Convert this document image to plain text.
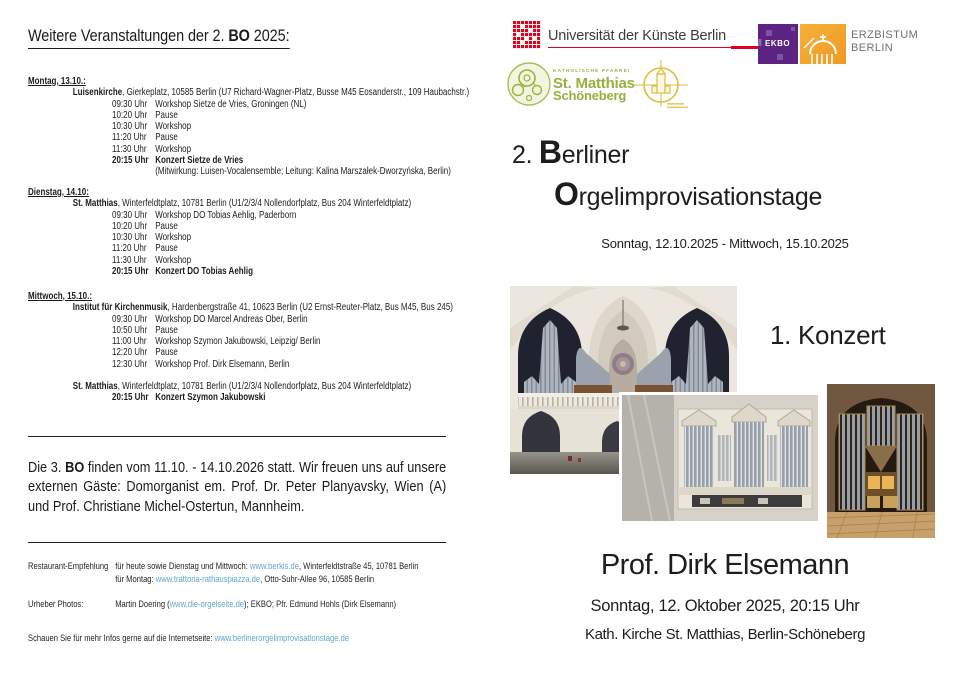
Weitere Veranstaltungen der 2. BO 2025:
Montag, 13.10.:
Luisenkirche, Gierkeplatz, 10585 Berlin (U7 Richard-Wagner-Platz, Busse M45 Eosanderstr., 109 Haubachstr.)
09:30 Uhr Workshop Sietze de Vries, Groningen (NL)
10:20 Uhr Pause
10:30 Uhr Workshop
11:20 Uhr Pause
11:30 Uhr Workshop
20:15 Uhr Konzert Sietze de Vries
(Mitwirkung: Luisen-Vocalensemble; Leitung: Kalina Marszałek-Dworzyńska, Berlin)
Dienstag, 14.10:
St. Matthias, Winterfeldtplatz, 10781 Berlin (U1/2/3/4 Nollendorfplatz, Bus 204 Winterfeldtplatz)
09:30 Uhr Workshop DO Tobias Aehlig, Paderborn
10:20 Uhr Pause
10:30 Uhr Workshop
11:20 Uhr Pause
11:30 Uhr Workshop
20:15 Uhr Konzert DO Tobias Aehlig
Mittwoch, 15.10.:
Institut für Kirchenmusik, Hardenbergstraße 41, 10623 Berlin (U2 Ernst-Reuter-Platz, Bus M45, Bus 245)
09:30 Uhr Workshop DO Marcel Andreas Ober, Berlin
10:50 Uhr Pause
11:00 Uhr Workshop Szymon Jakubowski, Leipzig/ Berlin
12:20 Uhr Pause
12:30 Uhr Workshop Prof. Dirk Elsemann, Berlin
St. Matthias, Winterfeldtplatz, 10781 Berlin (U1/2/3/4 Nollendorfplatz, Bus 204 Winterfeldtplatz)
20:15 Uhr Konzert Szymon Jakubowski
Die 3. BO finden vom 11.10. - 14.10.2026 statt. Wir freuen uns auf unsere externen Gäste: Domorganist em. Prof. Dr. Peter Planyavsky, Wien (A) und Prof. Christiane Michel-Ostertun, Mannheim.
Restaurant-Empfehlung für heute sowie Dienstag und Mittwoch: www.berkis.de, Winterfeldtstraße 45, 10781 Berlin
für Montag: www.trattoria-rathauspiazza.de, Otto-Suhr-Allee 96, 10585 Berlin
Urheber Photos:	Martin Doering (www.die-orgelseite.de); EKBO; Pfr. Edmund Hohls (Dirk Elsemann)
Schauen Sie für mehr Infos gerne auf die Internetseite: www.berlinerorgelimprovisationstage.de
Universität der Künste Berlin	EKBO
ERZBISTUM
BERLIN
KATHOLISCHE PFARREI
St. Matthias
Schöneberg
2. Berliner
Orgelimprovisationstage
Sonntag, 12.10.2025 - Mittwoch, 15.10.2025
1. Konzert
Prof. Dirk Elsemann
Sonntag, 12. Oktober 2025, 20:15 Uhr
Kath. Kirche St. Matthias, Berlin-Schöneberg
